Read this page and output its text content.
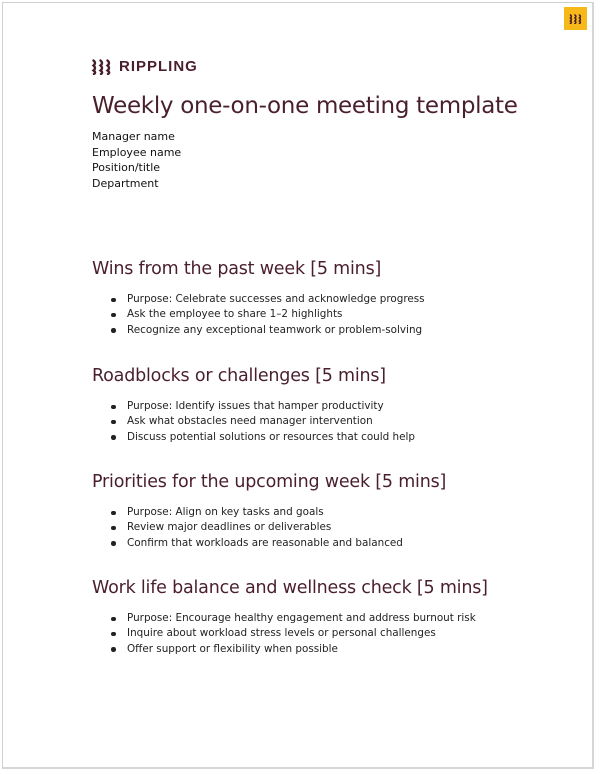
RIPPLING
Weekly one-on-one meeting template
Manager name
Employee name
Position/title
Department
Wins from the past week [5 mins]
Purpose: Celebrate successes and acknowledge progress
Ask the employee to share 1–2 highlights
Recognize any exceptional teamwork or problem-solving
Roadblocks or challenges [5 mins]
Purpose: Identify issues that hamper productivity
Ask what obstacles need manager intervention
Discuss potential solutions or resources that could help
Priorities for the upcoming week [5 mins]
Purpose: Align on key tasks and goals
Review major deadlines or deliverables
Confirm that workloads are reasonable and balanced
Work life balance and wellness check [5 mins]
Purpose: Encourage healthy engagement and address burnout risk
Inquire about workload stress levels or personal challenges
Offer support or flexibility when possible
